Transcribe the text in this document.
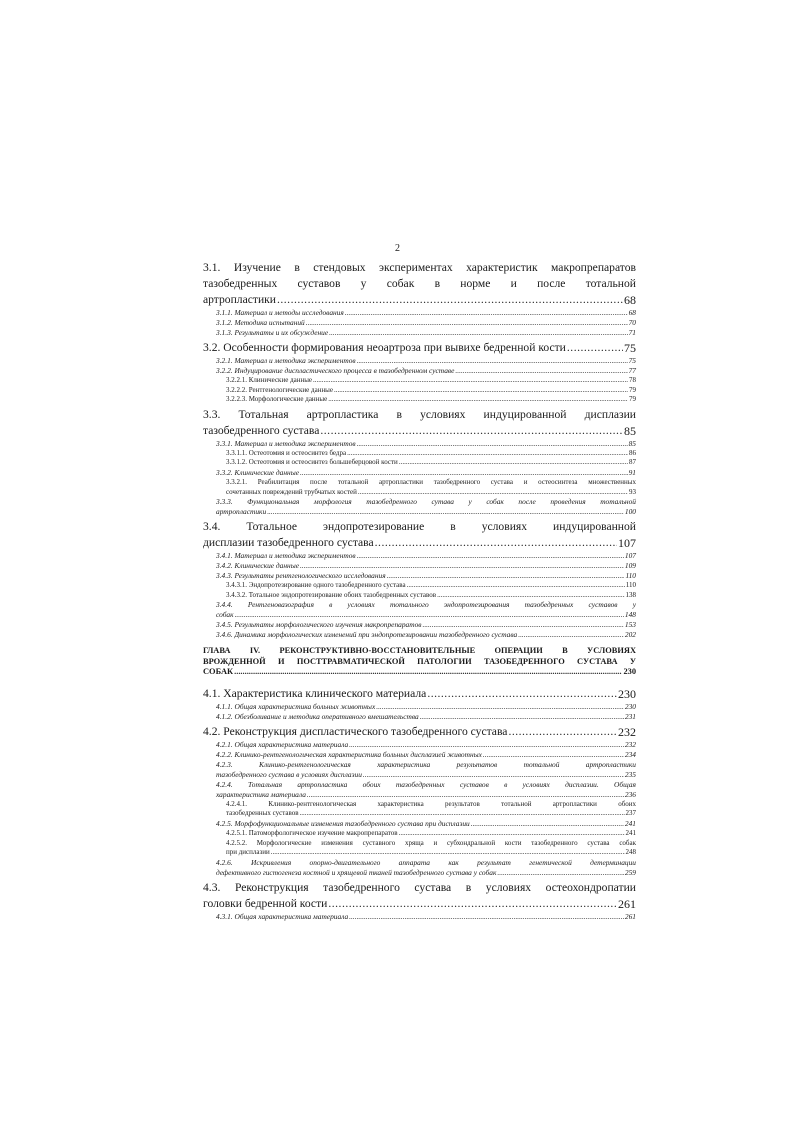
2
3.1. Изучение в стендовых экспериментах характеристик макропрепаратов
тазобедренных суставов у собак в норме и после тотальной
артропластики .....	68
3.1.1. Материал и методы исследования .....	68
3.1.2. Методика испытаний .....	70
3.1.3. Результаты и их обсуждение .....	71
3.2. Особенности формирования неоартроза при вывихе бедренной кости .....	75
3.2.1. Материал и методика экспериментов .....	75
3.2.2. Индуцирование диспластического процесса в тазобедренном суставе .....	77
3.2.2.1. Клинические данные .....	78
3.2.2.2. Рентгенологические данные .....	79
3.2.2.3. Морфологические данные .....	79
3.3. Тотальная артропластика в условиях индуцированной дисплазии
тазобедренного сустава .....	85
3.3.1. Материал и методика экспериментов .....	85
3.3.1.1. Остеотомия и остеосинтез бедра .....	86
3.3.1.2. Остеотомия и остеосинтез большеберцовой кости .....	87
3.3.2. Клинические данные .....	91
3.3.2.1. Реабилитация после тотальной артропластики тазобедренного сустава и остеосинтеза множественных
сочетанных повреждений трубчатых костей .....	93
3.3.3. Функциональная морфология тазобедренного сутава у собак после проведения тотальной
артропластики .....	100
3.4. Тотальное эндопротезирование в условиях индуцированной
дисплазии тазобедренного сустава .....	107
3.4.1. Материал и методика экспериментов .....	107
3.4.2. Клинические данные .....	109
3.4.3. Результаты рентгенологического исследования .....	110
3.4.3.1. Эндопротезирование одного тазобедренного сустава .....	110
3.4.3.2. Тотальное эндопротезирование обоих тазобедренных суставов .....	138
3.4.4. Рентгеновазография в условиях тотального эндопротезирования тазобедренных суставов у
собак .....	148
3.4.5. Результаты морфологического изучения макропрепаратов .....	153
3.4.6. Динамика морфологических изменений при эндопротезировании тазобедренного сустава .....	202
ГЛАВА IV. РЕКОНСТРУКТИВНО-ВОССТАНОВИТЕЛЬНЫЕ ОПЕРАЦИИ В УСЛОВИЯХ
ВРОЖДЕННОЙ И ПОСТТРАВМАТИЧЕСКОЙ ПАТОЛОГИИ ТАЗОБЕДРЕННОГО СУСТАВА У
СОБАК .....	230
4.1. Характеристика клинического материала .....	230
4.1.1. Общая характеристика больных животных .....	230
4.1.2. Обезболивание и методика оперативного вмешательства .....	231
4.2. Реконструкция диспластического тазобедренного сустава .....	232
4.2.1. Общая характеристика материала .....	232
4.2.2. Клинико-рентгенологическая характеристика больных дисплазией животных .....	234
4.2.3. Клинико-рентгенологическая характеристика результатов тотальной артропластики
тазобедренного сустава в условиях дисплазии .....	235
4.2.4. Тотальная артропластика обоих тазобедренных суставов в условиях дисплазии. Общая
характеристика материала .....	236
4.2.4.1. Клинико-рентгенологическая характеристика результатов тотальной артропластики обоих
тазобедренных суставов .....	237
4.2.5. Морфофункциональные изменения тазобедренного сустава при дисплазии .....	241
4.2.5.1. Патоморфологическое изучение макропрепаратов .....	241
4.2.5.2. Морфологические изменения суставного хряща и субхондральной кости тазобедренного сустава собак
при дисплазии .....	248
4.2.6. Искривления опорно-двигательного аппарата как результат генетической детерминации
дефективного гистогенеза костной и хрящевой тканей тазобедренного сустава у собак .....	259
4.3. Реконструкция тазобедренного сустава в условиях остеохондропатии
головки бедренной кости .....	261
4.3.1. Общая характеристика материала .....	261
